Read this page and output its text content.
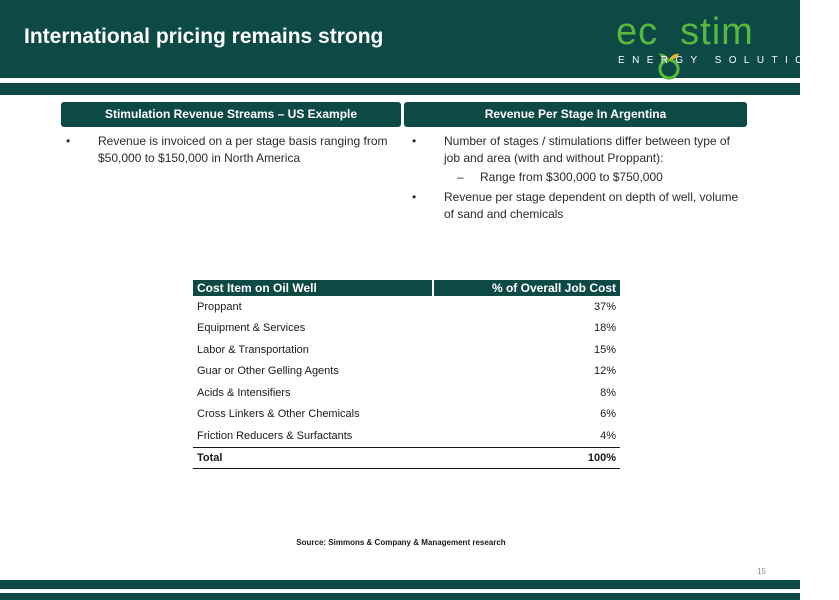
International pricing remains strong	ec stim
ENERGY SOLUTIONS
Stimulation Revenue Streams – US Example	Revenue Per Stage In Argentina
• Revenue is invoiced on a per stage basis ranging from $50,000 to $150,000 in North America
• Number of stages / stimulations differ between type of job and area (with and without Proppant):
– Range from $300,000 to $750,000
• Revenue per stage dependent on depth of well, volume of sand and chemicals
Cost Item on Oil Well	% of Overall Job Cost
Proppant	37%
Equipment & Services	18%
Labor & Transportation	15%
Guar or Other Gelling Agents	12%
Acids & Intensifiers	8%
Cross Linkers & Other Chemicals	6%
Friction Reducers & Surfactants	4%
Total	100%
Source: Simmons & Company & Management research
15
